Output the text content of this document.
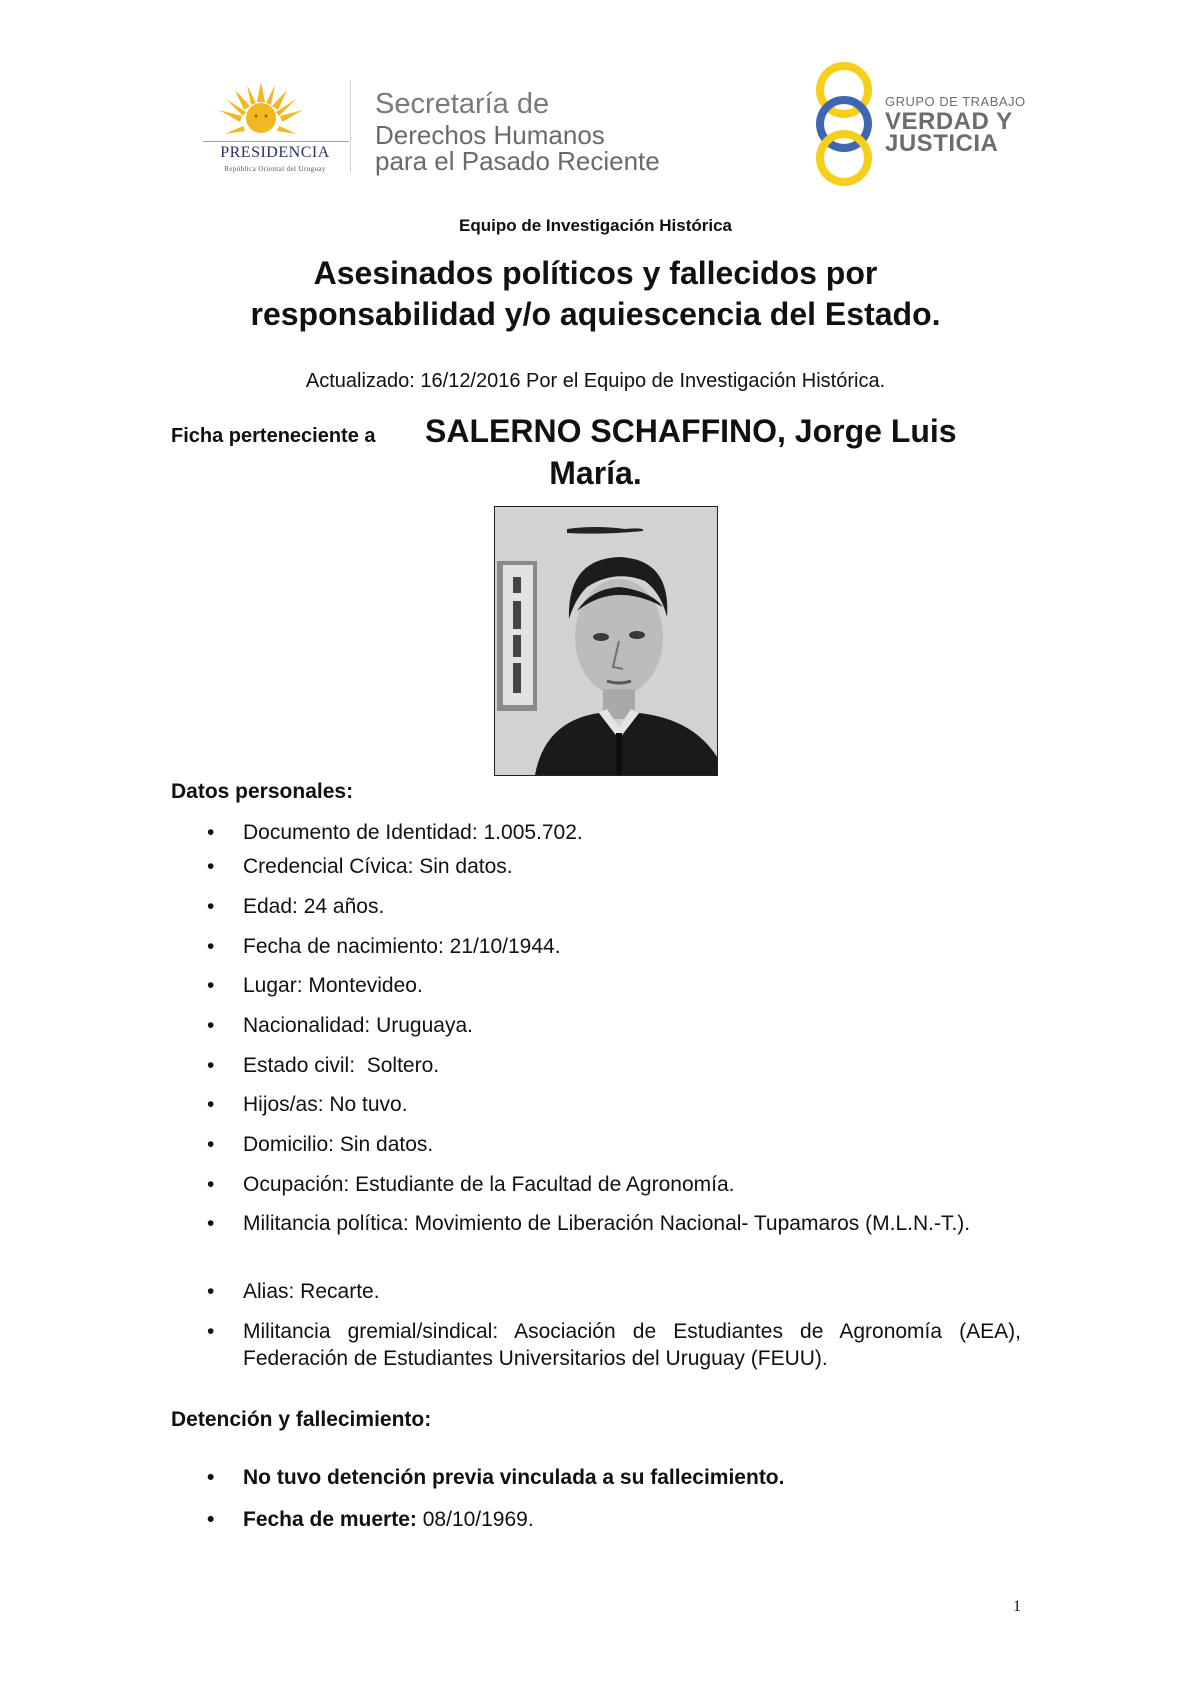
PRESIDENCIA
República Oriental del Uruguay
Secretaría de
Derechos Humanos
para el Pasado Reciente
GRUPO DE TRABAJO
VERDAD Y
JUSTICIA
Equipo de Investigación Histórica
Asesinados políticos y fallecidos por
responsabilidad y/o aquiescencia del Estado.
Actualizado: 16/12/2016 Por el Equipo de Investigación Histórica.
Ficha perteneciente a SALERNO SCHAFFINO, Jorge Luis
María.
Datos personales:
• Documento de Identidad: 1.005.702.
• Credencial Cívica: Sin datos.
• Edad: 24 años.
• Fecha de nacimiento: 21/10/1944.
• Lugar: Montevideo.
• Nacionalidad: Uruguaya.
• Estado civil:  Soltero.
• Hijos/as: No tuvo.
• Domicilio: Sin datos.
• Ocupación: Estudiante de la Facultad de Agronomía.
• Militancia política: Movimiento de Liberación Nacional- Tupamaros (M.L.N.-T.).
• Alias: Recarte.
• Militancia gremial/sindical: Asociación de Estudiantes de Agronomía (AEA), Federación de Estudiantes Universitarios del Uruguay (FEUU).
Detención y fallecimiento:
• No tuvo detención previa vinculada a su fallecimiento.
• Fecha de muerte: 08/10/1969.
1
